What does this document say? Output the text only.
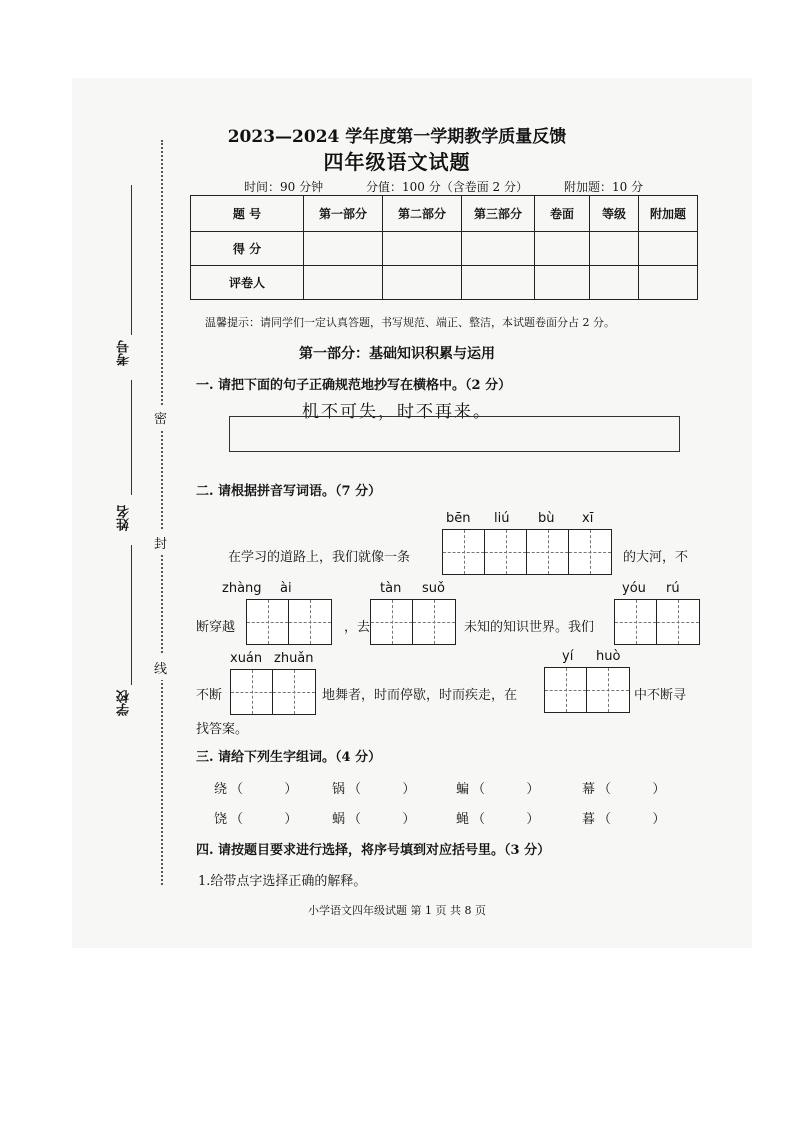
考号
姓名
学校
密
封
线
2023—2024 学年度第一学期教学质量反馈
四年级语文试题
时间：90 分钟	分值：100 分（含卷面 2 分）	附加题：10 分
题 号	第一部分	第二部分	第三部分	卷面	等级	附加题
得 分						
评卷人						
温馨提示：请同学们一定认真答题，书写规范、端正、整洁，本试题卷面分占 2 分。
第一部分：基础知识积累与运用
一. 请把下面的句子正确规范地抄写在横格中。（2 分）
机不可失，时不再来。
二. 请根据拼音写词语。（7 分）
bēn liú bù xī
在学习的道路上，我们就像一条	的大河，不
zhàng ài	tàn suǒ	yóu rú
断穿越	，去	未知的知识世界。我们
xuán zhuǎn	yí huò
不断	地舞者，时而停歇，时而疾走，在	中不断寻
找答案。
三. 请给下列生字组词。（4 分）
绕 （          ）	锅 （          ）	蝙 （          ）	幕 （          ）
饶 （          ）	蜗 （          ）	蝇 （          ）	暮 （          ）
四. 请按题目要求进行选择，将序号填到对应括号里。（3 分）
1.给带点字选择正确的解释。
小学语文四年级试题 第 1 页 共 8 页
